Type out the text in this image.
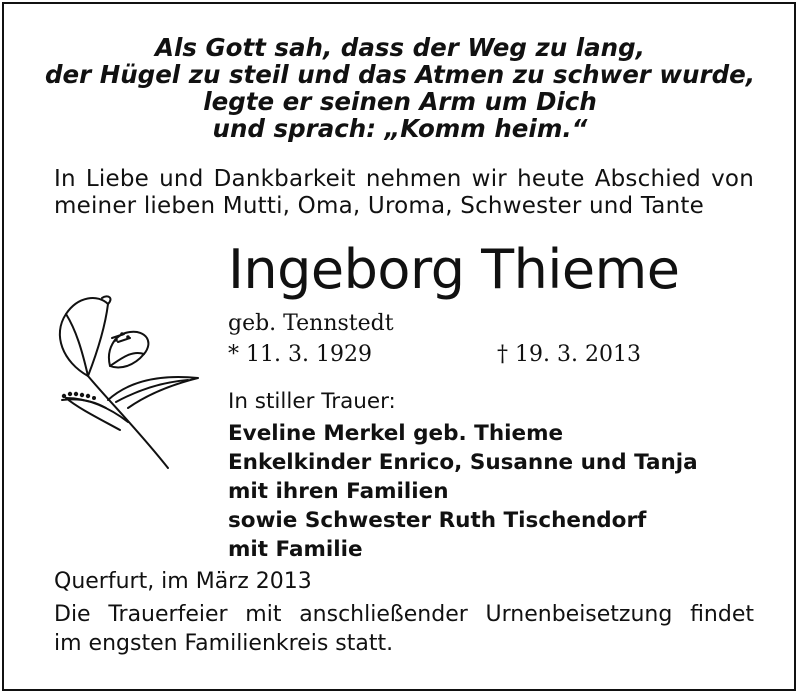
Als Gott sah, dass der Weg zu lang,
der Hügel zu steil und das Atmen zu schwer wurde,
legte er seinen Arm um Dich
und sprach: „Komm heim.“
In Liebe und Dankbarkeit nehmen wir heute Abschied von
meiner lieben Mutti, Oma, Uroma, Schwester und Tante
Ingeborg Thieme
geb. Tennstedt
* 11. 3. 1929	† 19. 3. 2013
In stiller Trauer:
Eveline Merkel geb. Thieme
Enkelkinder Enrico, Susanne und Tanja
mit ihren Familien
sowie Schwester Ruth Tischendorf
mit Familie
Querfurt, im März 2013
Die Trauerfeier mit anschließender Urnenbeisetzung findet
im engsten Familienkreis statt.
